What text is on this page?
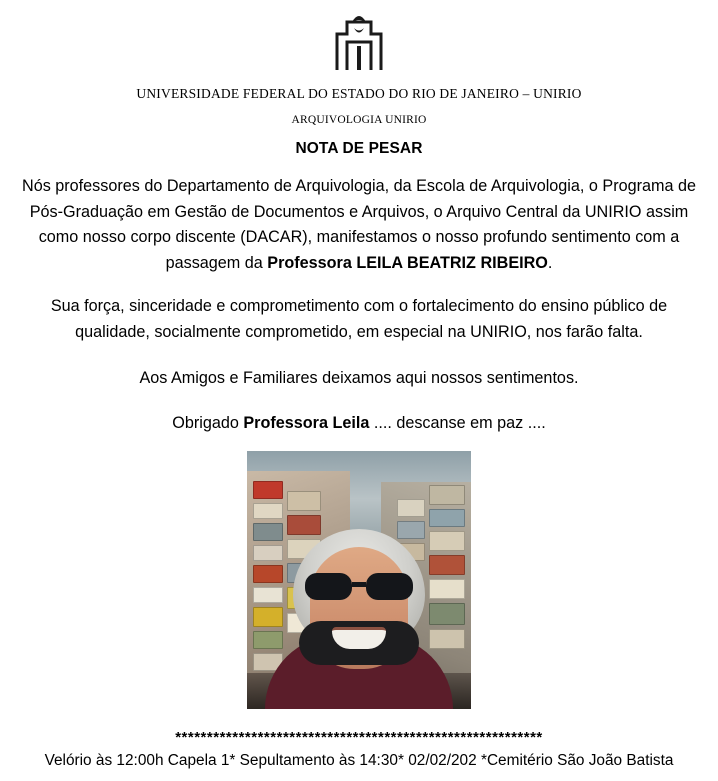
UNIVERSIDADE FEDERAL DO ESTADO DO RIO DE JANEIRO – UNIRIO

ARQUIVOLOGIA UNIRIO

NOTA DE PESAR

Nós professores do Departamento de Arquivologia, da Escola de Arquivologia, o Programa de Pós-Graduação em Gestão de Documentos e Arquivos, o Arquivo Central da UNIRIO assim como nosso corpo discente (DACAR), manifestamos o nosso profundo sentimento com a passagem da Professora LEILA BEATRIZ RIBEIRO.

Sua força, sinceridade e comprometimento com o fortalecimento do ensino público de qualidade, socialmente comprometido, em especial na UNIRIO, nos farão falta.

Aos Amigos e Familiares deixamos aqui nossos sentimentos.

Obrigado Professora Leila .... descanse em paz ....

**********************************************************

Velório às 12:00h Capela 1* Sepultamento às 14:30* 02/02/202 *Cemitério São João Batista
